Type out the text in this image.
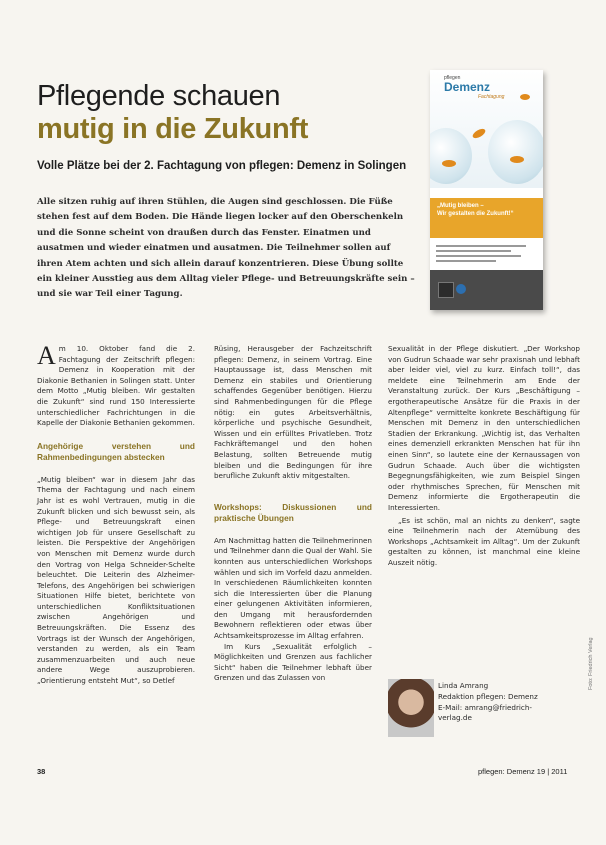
Pflegende schauen
mutig in die Zukunft
Volle Plätze bei der 2. Fachtagung von pflegen: Demenz in Solingen

Alle sitzen ruhig auf ihren Stühlen, die Augen sind geschlossen. Die Füße stehen fest auf dem Boden. Die Hände liegen locker auf den Oberschenkeln und die Sonne scheint von draußen durch das Fenster. Einatmen und ausatmen und wieder einatmen und ausatmen. Die Teilnehmer sollen auf ihren Atem achten und sich allein darauf konzentrieren. Diese Übung sollte ein kleiner Ausstieg aus dem Alltag vieler Pflege- und Betreuungskräfte sein – und sie war Teil einer Tagung.

pflegen
Demenz
Fachtagung
„Mutig bleiben –
Wir gestalten die Zukunft!“

Am 10. Oktober fand die 2. Fachtagung der Zeitschrift pflegen: Demenz in Kooperation mit der Diakonie Bethanien in Solingen statt. Unter dem Motto „Mutig bleiben. Wir gestalten die Zukunft“ sind rund 150 Interessierte unterschiedlicher Fachrichtungen in die Kapelle der Diakonie Bethanien gekommen.

Angehörige verstehen und Rahmenbedingungen abstecken

„Mutig bleiben“ war in diesem Jahr das Thema der Fachtagung und nach einem Jahr ist es wohl Vertrauen, mutig in die Zukunft blicken und sich bewusst sein, als Pflege- und Betreuungskraft einen wichtigen Job für unsere Gesellschaft zu leisten. Die Perspektive der Angehörigen von Menschen mit Demenz wurde durch den Vortrag von Helga Schneider-Schelte beleuchtet. Die Leiterin des Alzheimer-Telefons, des Angehörigen bei schwierigen Situationen Hilfe bietet, berichtete von unterschiedlichen Konfliktsituationen zwischen Angehörigen und Betreuungskräften. Die Essenz des Vortrags ist der Wunsch der Angehörigen, verstanden zu werden, als ein Team zusammenzuarbeiten und auch neue andere Wege auszuprobieren. „Orientierung entsteht Mut“, so Detlef

Rüsing, Herausgeber der Fachzeitschrift pflegen: Demenz, in seinem Vortrag. Eine Hauptaussage ist, dass Menschen mit Demenz ein stabiles und Orientierung schaffendes Gegenüber benötigen. Hierzu sind Rahmenbedingungen für die Pflege nötig: ein gutes Arbeitsverhältnis, körperliche und psychische Gesundheit, Wissen und ein erfülltes Privatleben. Trotz Fachkräftemangel und den hohen Belastung, sollten Betreuende mutig bleiben und die Bedingungen für ihre berufliche Zukunft aktiv mitgestalten.

Workshops: Diskussionen und praktische Übungen

Am Nachmittag hatten die Teilnehmerinnen und Teilnehmer dann die Qual der Wahl. Sie konnten aus unterschiedlichen Workshops wählen und sich im Vorfeld dazu anmelden. In verschiedenen Räumlichkeiten konnten sich die Interessierten über die Planung einer gelungenen Aktivitäten informieren, den Umgang mit herausfordernden Bewohnern reflektieren oder etwas über Achtsamkeitsprozesse im Alltag erfahren.

Im Kurs „Sexualität erfolglich – Möglichkeiten und Grenzen aus fachlicher Sicht“ haben die Teilnehmer lebhaft über Grenzen und das Zulassen von

Sexualität in der Pflege diskutiert. „Der Workshop von Gudrun Schaade war sehr praxisnah und lebhaft aber leider viel, viel zu kurz. Einfach toll!“, das meldete eine Teilnehmerin am Ende der Veranstaltung zurück. Der Kurs „Beschäftigung – ergotherapeutische Ansätze für die Praxis in der Altenpflege“ vermittelte konkrete Beschäftigung für Menschen mit Demenz in den unterschiedlichen Stadien der Erkrankung. „Wichtig ist, das Verhalten eines demenziell erkrankten Menschen hat für ihn einen Sinn“, so lautete eine der Kernaussagen von Gudrun Schaade. Auch über die wichtigsten Begegnungsfähigkeiten, wie zum Beispiel Singen oder rhythmisches Sprechen, für Menschen mit Demenz informierte die Ergotherapeutin die Interessierten.

„Es ist schön, mal an nichts zu denken“, sagte eine Teilnehmerin nach der Atemübung des Workshops „Achtsamkeit im Alltag“. Um der Zukunft gestalten zu können, ist manchmal eine kleine Auszeit nötig.

Linda Amrang
Redaktion pflegen: Demenz
E-Mail: amrang@friedrich-
verlag.de
Foto: Friedrich Verlag
38	pflegen: Demenz 19 | 2011
